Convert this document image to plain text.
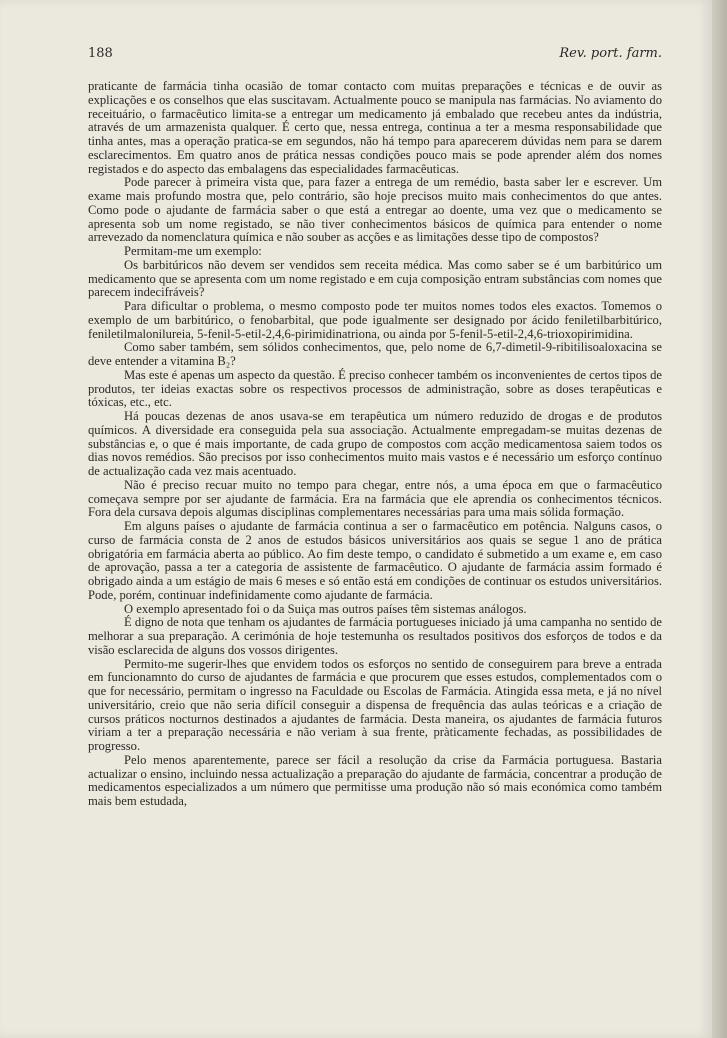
188	Rev. port. farm.

praticante de farmácia tinha ocasião de tomar contacto com muitas preparações e técnicas e de ouvir as explicações e os conselhos que elas suscitavam. Actualmente pouco se manipula nas farmácias. No aviamento do receituário, o farmacêutico limita-se a entregar um medicamento já embalado que recebeu antes da indústria, através de um armazenista qualquer. É certo que, nessa entrega, continua a ter a mesma responsabilidade que tinha antes, mas a operação pratica-se em segundos, não há tempo para aparecerem dúvidas nem para se darem esclarecimentos. Em quatro anos de prática nessas condições pouco mais se pode aprender além dos nomes registados e do aspecto das embalagens das especialidades farmacêuticas.

Pode parecer à primeira vista que, para fazer a entrega de um remédio, basta saber ler e escrever. Um exame mais profundo mostra que, pelo contrário, são hoje precisos muito mais conhecimentos do que antes. Como pode o ajudante de farmácia saber o que está a entregar ao doente, uma vez que o medicamento se apresenta sob um nome registado, se não tiver conhecimentos básicos de química para entender o nome arrevezado da nomenclatura química e não souber as acções e as limitações desse tipo de compostos?

Permitam-me um exemplo:

Os barbitúricos não devem ser vendidos sem receita médica. Mas como saber se é um barbitúrico um medicamento que se apresenta com um nome registado e em cuja composição entram substâncias com nomes que parecem indecifráveis?

Para dificultar o problema, o mesmo composto pode ter muitos nomes todos eles exactos. Tomemos o exemplo de um barbitúrico, o fenobarbital, que pode igualmente ser designado por ácido feniletilbarbitúrico, feniletilmalonilureia, 5-fenil-5-etil-2,4,6-pirimidinatriona, ou ainda por 5-fenil-5-etil-2,4,6-trioxopirimidina.

Como saber também, sem sólidos conhecimentos, que, pelo nome de 6,7-dimetil-9-ribitilisoaloxacina se deve entender a vitamina B₂?

Mas este é apenas um aspecto da questão. É preciso conhecer também os inconvenientes de certos tipos de produtos, ter ideias exactas sobre os respectivos processos de administração, sobre as doses terapêuticas e tóxicas, etc., etc.

Há poucas dezenas de anos usava-se em terapêutica um número reduzido de drogas e de produtos químicos. A diversidade era conseguida pela sua associação. Actualmente empregadam-se muitas dezenas de substâncias e, o que é mais importante, de cada grupo de compostos com acção medicamentosa saiem todos os dias novos remédios. São precisos por isso conhecimentos muito mais vastos e é necessário um esforço contínuo de actualização cada vez mais acentuado.

Não é preciso recuar muito no tempo para chegar, entre nós, a uma época em que o farmacêutico começava sempre por ser ajudante de farmácia. Era na farmácia que ele aprendia os conhecimentos técnicos. Fora dela cursava depois algumas disciplinas complementares necessárias para uma mais sólida formação.

Em alguns países o ajudante de farmácia continua a ser o farmacêutico em potência. Nalguns casos, o curso de farmácia consta de 2 anos de estudos básicos universitários aos quais se segue 1 ano de prática obrigatória em farmácia aberta ao público. Ao fim deste tempo, o candidato é submetido a um exame e, em caso de aprovação, passa a ter a categoria de assistente de farmacêutico. O ajudante de farmácia assim formado é obrigado ainda a um estágio de mais 6 meses e só então está em condições de continuar os estudos universitários. Pode, porém, continuar indefinidamente como ajudante de farmácia.

O exemplo apresentado foi o da Suiça mas outros países têm sistemas análogos.

É digno de nota que tenham os ajudantes de farmácia portugueses iniciado já uma campanha no sentido de melhorar a sua preparação. A cerimónia de hoje testemunha os resultados positivos dos esforços de todos e da visão esclarecida de alguns dos vossos dirigentes.

Permito-me sugerir-lhes que envidem todos os esforços no sentido de conseguirem para breve a entrada em funcionamnto do curso de ajudantes de farmácia e que procurem que esses estudos, complementados com o que for necessário, permitam o ingresso na Faculdade ou Escolas de Farmácia. Atingida essa meta, e já no nível universitário, creio que não seria difícil conseguir a dispensa de frequência das aulas teóricas e a criação de cursos práticos nocturnos destinados a ajudantes de farmácia. Desta maneira, os ajudantes de farmácia futuros viriam a ter a preparação necessária e não veriam à sua frente, pràticamente fechadas, as possibilidades de progresso.

Pelo menos aparentemente, parece ser fácil a resolução da crise da Farmácia portuguesa. Bastaria actualizar o ensino, incluindo nessa actualização a preparação do ajudante de farmácia, concentrar a produção de medicamentos especializados a um número que permitisse uma produção não só mais económica como também mais bem estudada,
